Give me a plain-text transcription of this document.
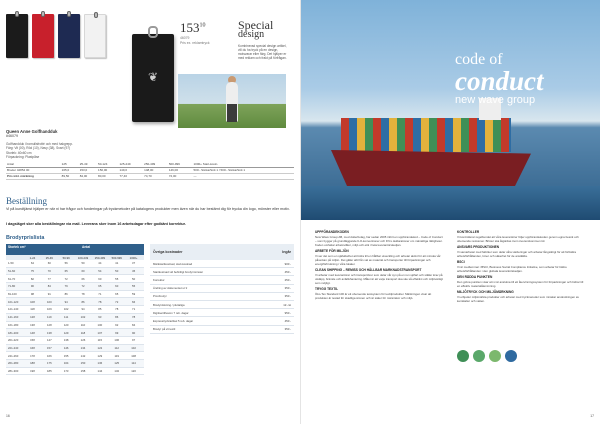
❦
$153^{10}$
46079
Pris ex. reklamtryck
Special
design
Kombinerad special design artikel, vill du ha tryck på en design, motsvarar eller färg. Det hjälper er med reklam och frakt på förfrågan.
Queen Anne Golfhandduk
#46079
Golfhandduk i bomullsfrotté och med hakgrepp.
Färg: Vit (00), Röd (10), Navy (38), Svart (97)
Storlek: 40x60 cm
Förpackning: Plastpåse
Antal	125	25-49	50-124	125-249	250-499	500-999	1000+ Start-kostn.
Broder 42854 00	165,0	153,0	150,00	149,0	148,00	146,00	500:- Sticka/Sött 1 / 500:- Sticka/Sött 1
Pris inkl. märkning	89,50	84,00	80,00	77,40	74,70	72,00	—
Beställning
Vi på kundtjänst hjälper er när ni har frågor och funderingar på tryckmetoder på katalogens produkter men även när du har bestämt dig för trycka din logo, mönster eller motiv.
I dagsläget sker alla beställningar via mail. Leverans sker inom 16 arbetsdagar efter godkänt korrektur.
Brodyrprislista
Stortek cm²	Antal
1-24	25-49	50-99	100-249	250-499	500-999	1000+
1-50	64	60	56	50	44	41	37
51-60	75	70	65	60	54	50	45
61-70	82	77	72	66	60	55	50
71-80	90	84	79	72	65	60	55
81-100	98	91	86	78	71	65	59
101-120	108	100	94	86	78	72	66
121-140	118	109	102	94	85	78	71
141-160	128	119	111	102	93	86	78
161-180	138	128	120	110	100	92	84
181-200	148	138	129	118	107	99	90
201-220	158	147	138	126	115	106	97
221-240	168	157	146	134	122	112	102
241-260	178	166	155	142	129	119	108
261-280	188	175	164	150	136	125	114
281-300	198	185	173	158	144	132	120
Övriga kostnader	Ingår
Märkstartkostnad, start-kostnad	900:-
Startkostnad vid befintligt brodyrmönster	450:-
Korrektur	250:-
Ändring av dokumentet ut ¥	350:-
Provbrodyr	350:-
Brodyrdokning / pluttaliga	12:-/st
Digitisertillvaron 7 reb. dagar	950:-
Expresstryck/artikel 5 reb. dagar	450:-
Brodyr på vit textil	350:-
16
code of
conduct
new wave group
UPPFÖRANDEKODEN

New Wave Group AB, med dotterbolag, har sedan 2005 infört en uppförandekod – Code of Conduct – som bygger på grundläggande ILO-konventioner och FN:s deklarationer om mänskliga rättigheter. Koden omfattar arbetsvillkor, miljö och etik i hela leverantörskedjan.

ARBETE FÖR MILJÖN

Vi ser det som en självklarhet att bidra till en hållbar utveckling och arbetar aktivt för att minska vår påverkan på miljön. Det gäller allt från val av material och transporter till förpackningar och energiförbrukning i våra lokaler.

CLEAN SHIPPING – REMISS OCH HÅLLBAR MARKNADSTRANSPORT

Vi arbetar med leverantörer och transportörer som delar vår syn på en ren sjöfart och ställer krav på utsläpp, bränsle och avfallshantering. Målet är att varje transport ska ske så effektivt och miljövänligt som möjligt.

TRYGG TEXTIL

Öko-Tex Standard 100 är ett oberoende testsystem för textilprodukter. Märkningen visar att produkten är testad för skadliga ämnen och är säker för människor och miljö.

KONTROLLER

Vi kontrollerar regelbundet att våra leverantörer följer uppförandekoden genom egna besök och oberoende revisioner. Brister ska åtgärdas inom överenskommen tid.

ANSVARS PRODUKTIONEN

Vi samarbetar med fabriker som delar våra värderingar och arbetar långsiktigt för att förbättra arbetsförhållanden, löner och säkerhet för de anställda.

BSCI

Vi är medlemmar i BSCI, Business Social Compliance Initiative, som arbetar för bättre arbetsförhållanden i den globala leverantörskedjan.

DEN RÄDDA PUNKTEN

Den gröna punkten visar att vi är anslutna till ett återvinningssystem för förpackningar och bidrar till en effektiv materialåtervinning.

MILJÖTRYCK OCH MILJÖMÄRKNING

Vi erbjuder miljömärkta produkter och arbetar med tryckmetoder som minskar användningen av kemikalier och vatten.

17
